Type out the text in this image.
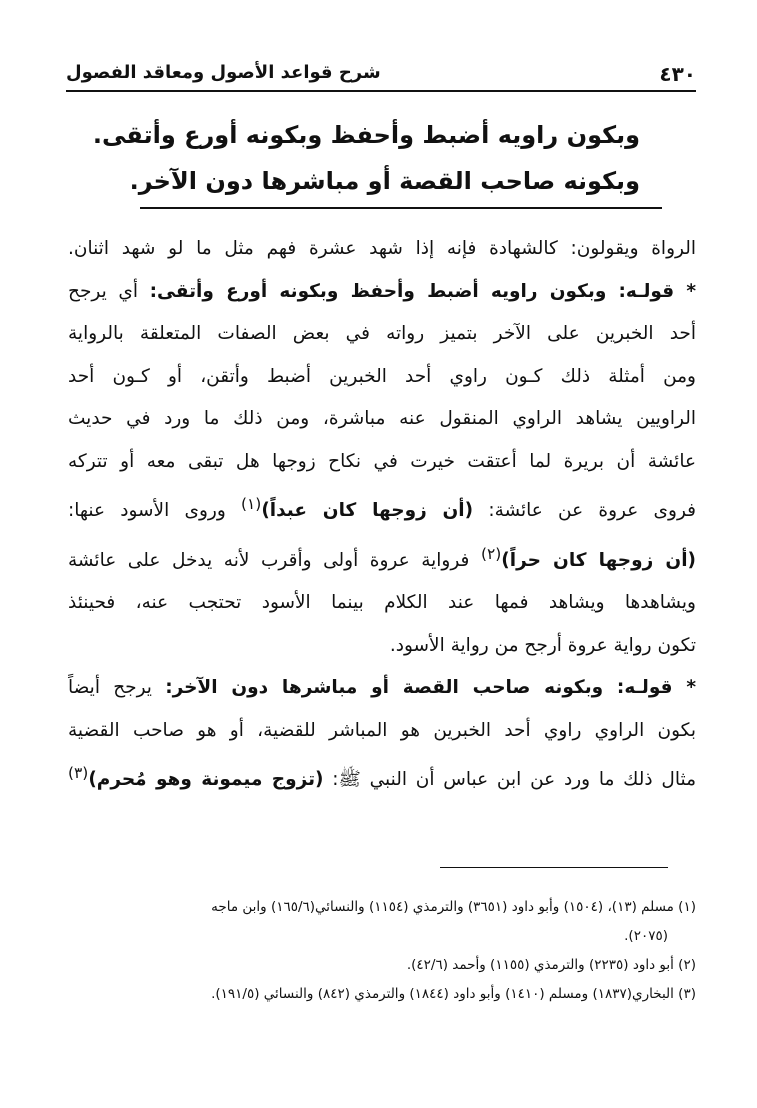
٤٣٠
شرح قواعد الأصول ومعاقد الفصول
وبكون راويه أضبط وأحفظ وبكونه أورع وأتقى.
وبكونه صاحب القصة أو مباشرها دون الآخر.
الرواة ويقولون: كالشهادة فإنه إذا شهد عشرة فهم مثل ما لو شهد اثنان.
* قولـه: وبكون راويه أضبط وأحفظ وبكونه أورع وأتقى: أي يرجح
أحد الخبرين على الآخر بتميز رواته في بعض الصفات المتعلقة بالرواية
ومن أمثلة ذلك كـون راوي أحد الخبرين أضبط وأتقن، أو كـون أحد
الراويين يشاهد الراوي المنقول عنه مباشرة، ومن ذلك ما ورد في حديث
عائشة أن بريرة لما أعتقت خيرت في نكاح زوجها هل تبقى معه أو تتركه
فروى عروة عن عائشة: (أن زوجها كان عبداً)$^{(١)}$ وروى الأسود عنها:
(أن زوجها كان حراً)$^{(٢)}$ فرواية عروة أولى وأقرب لأنه يدخل على عائشة
ويشاهدها ويشاهد فمها عند الكلام بينما الأسود تحتجب عنه، فحينئذ
تكون رواية عروة أرجح من رواية الأسود.
* قولـه: وبكونه صاحب القصة أو مباشرها دون الآخر: يرجح أيضاً
بكون الراوي راوي أحد الخبرين هو المباشر للقضية، أو هو صاحب القضية
مثال ذلك ما ورد عن ابن عباس أن النبي ﷺ: (تزوج ميمونة وهو مُحرم)$^{(٣)}$
(١) مسلم (١٣)، (١٥٠٤) وأبو داود (٣٦٥١) والترمذي (١١٥٤) والنسائي(١٦٥/٦) وابن ماجه
(٢٠٧٥).
(٢) أبو داود (٢٢٣٥) والترمذي (١١٥٥) وأحمد (٤٢/٦).
(٣) البخاري(١٨٣٧) ومسلم (١٤١٠) وأبو داود (١٨٤٤) والترمذي (٨٤٢) والنسائي (١٩١/٥).
